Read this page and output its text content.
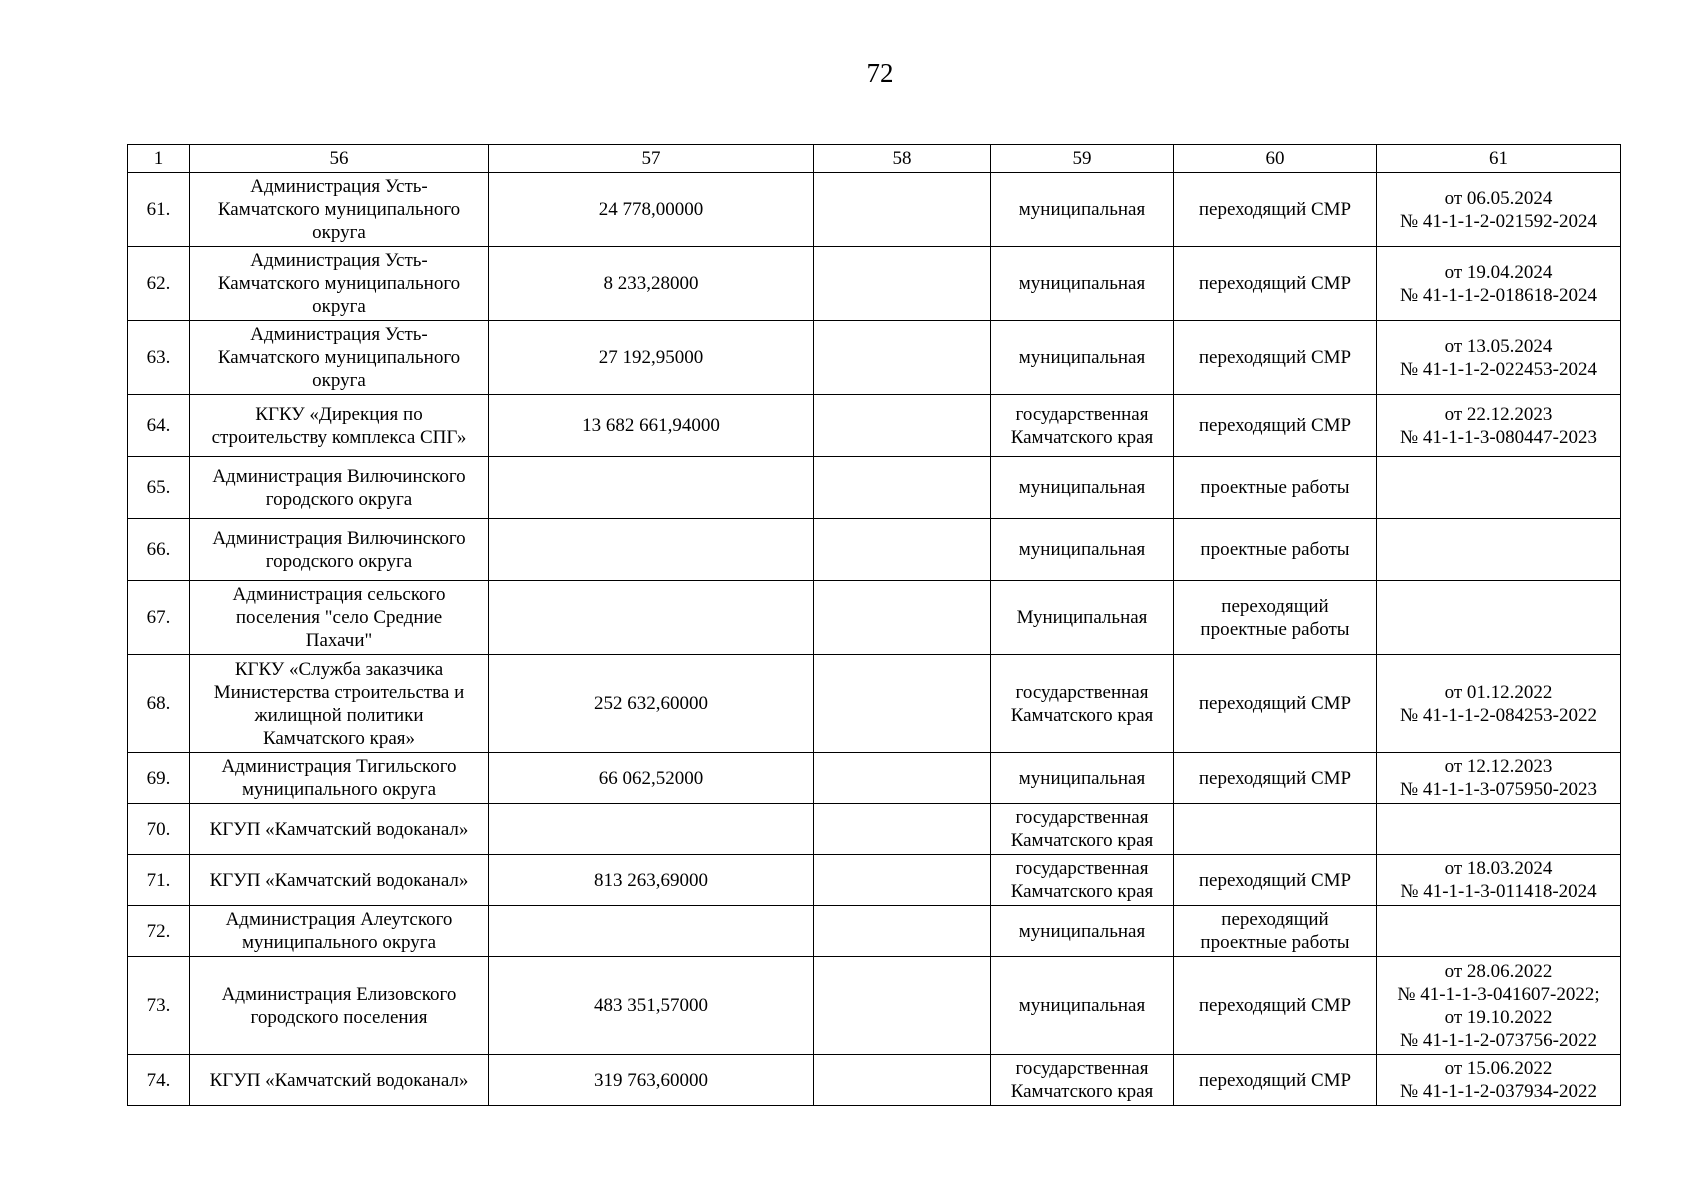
72
1	56	57	58	59	60	61
61.	Администрация Усть-
Камчатского муниципального
округа	24 778,00000		муниципальная	переходящий СМР	от 06.05.2024
№ 41-1-1-2-021592-2024
62.	Администрация Усть-
Камчатского муниципального
округа	8 233,28000		муниципальная	переходящий СМР	от 19.04.2024
№ 41-1-1-2-018618-2024
63.	Администрация Усть-
Камчатского муниципального
округа	27 192,95000		муниципальная	переходящий СМР	от 13.05.2024
№ 41-1-1-2-022453-2024
64.	КГКУ «Дирекция по
строительству комплекса СПГ»	13 682 661,94000		государственная
Камчатского края	переходящий СМР	от 22.12.2023
№ 41-1-1-3-080447-2023
65.	Администрация Вилючинского
городского округа			муниципальная	проектные работы	
66.	Администрация Вилючинского
городского округа			муниципальная	проектные работы	
67.	Администрация сельского
поселения "село Средние
Пахачи"			Муниципальная	переходящий
проектные работы	
68.	КГКУ «Служба заказчика
Министерства строительства и
жилищной политики
Камчатского края»	252 632,60000		государственная
Камчатского края	переходящий СМР	от 01.12.2022
№ 41-1-1-2-084253-2022
69.	Администрация Тигильского
муниципального округа	66 062,52000		муниципальная	переходящий СМР	от 12.12.2023
№ 41-1-1-3-075950-2023
70.	КГУП «Камчатский водоканал»			государственная
Камчатского края		
71.	КГУП «Камчатский водоканал»	813 263,69000		государственная
Камчатского края	переходящий СМР	от 18.03.2024
№ 41-1-1-3-011418-2024
72.	Администрация Алеутского
муниципального округа			муниципальная	переходящий
проектные работы	
73.	Администрация Елизовского
городского поселения	483 351,57000		муниципальная	переходящий СМР	от 28.06.2022
№ 41-1-1-3-041607-2022;
от 19.10.2022
№ 41-1-1-2-073756-2022
74.	КГУП «Камчатский водоканал»	319 763,60000		государственная
Камчатского края	переходящий СМР	от 15.06.2022
№ 41-1-1-2-037934-2022
